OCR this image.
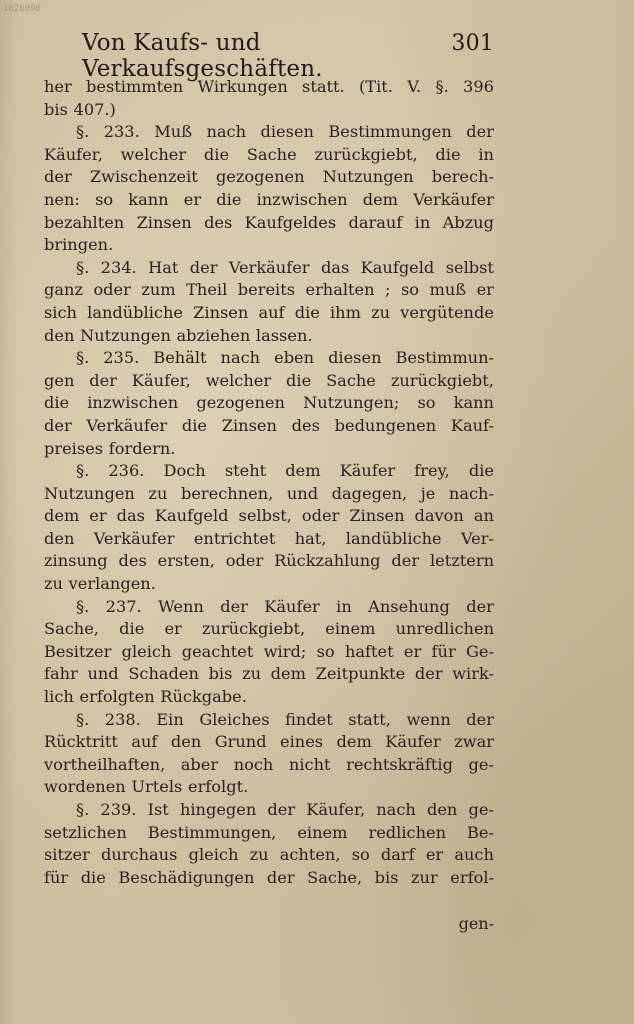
1026090
Von Kaufs- und Verkaufsgeschäften.
301
her bestimmten Wirkungen statt. (Tit. V. §. 396
bis 407.)
§. 233. Muß nach diesen Bestimmungen der
Käufer, welcher die Sache zurückgiebt, die in
der Zwischenzeit gezogenen Nutzungen berech-
nen: so kann er die inzwischen dem Verkäufer
bezahlten Zinsen des Kaufgeldes darauf in Abzug
bringen.
§. 234. Hat der Verkäufer das Kaufgeld selbst
ganz oder zum Theil bereits erhalten ; so muß er
sich landübliche Zinsen auf die ihm zu vergütende
den Nutzungen abziehen lassen.
§. 235. Behält nach eben diesen Bestimmun-
gen der Käufer, welcher die Sache zurückgiebt,
die inzwischen gezogenen Nutzungen; so kann
der Verkäufer die Zinsen des bedungenen Kauf-
preises fordern.
§. 236. Doch steht dem Käufer frey, die
Nutzungen zu berechnen, und dagegen, je nach-
dem er das Kaufgeld selbst, oder Zinsen davon an
den Verkäufer entrichtet hat, landübliche Ver-
zinsung des ersten, oder Rückzahlung der letztern
zu verlangen.
§. 237. Wenn der Käufer in Ansehung der
Sache, die er zurückgiebt, einem unredlichen
Besitzer gleich geachtet wird; so haftet er für Ge-
fahr und Schaden bis zu dem Zeitpunkte der wirk-
lich erfolgten Rückgabe.
§. 238. Ein Gleiches findet statt, wenn der
Rücktritt auf den Grund eines dem Käufer zwar
vortheilhaften, aber noch nicht rechtskräftig ge-
wordenen Urtels erfolgt.
§. 239. Ist hingegen der Käufer, nach den ge-
setzlichen Bestimmungen, einem redlichen Be-
sitzer durchaus gleich zu achten, so darf er auch
für die Beschädigungen der Sache, bis zur erfol-
gen-
